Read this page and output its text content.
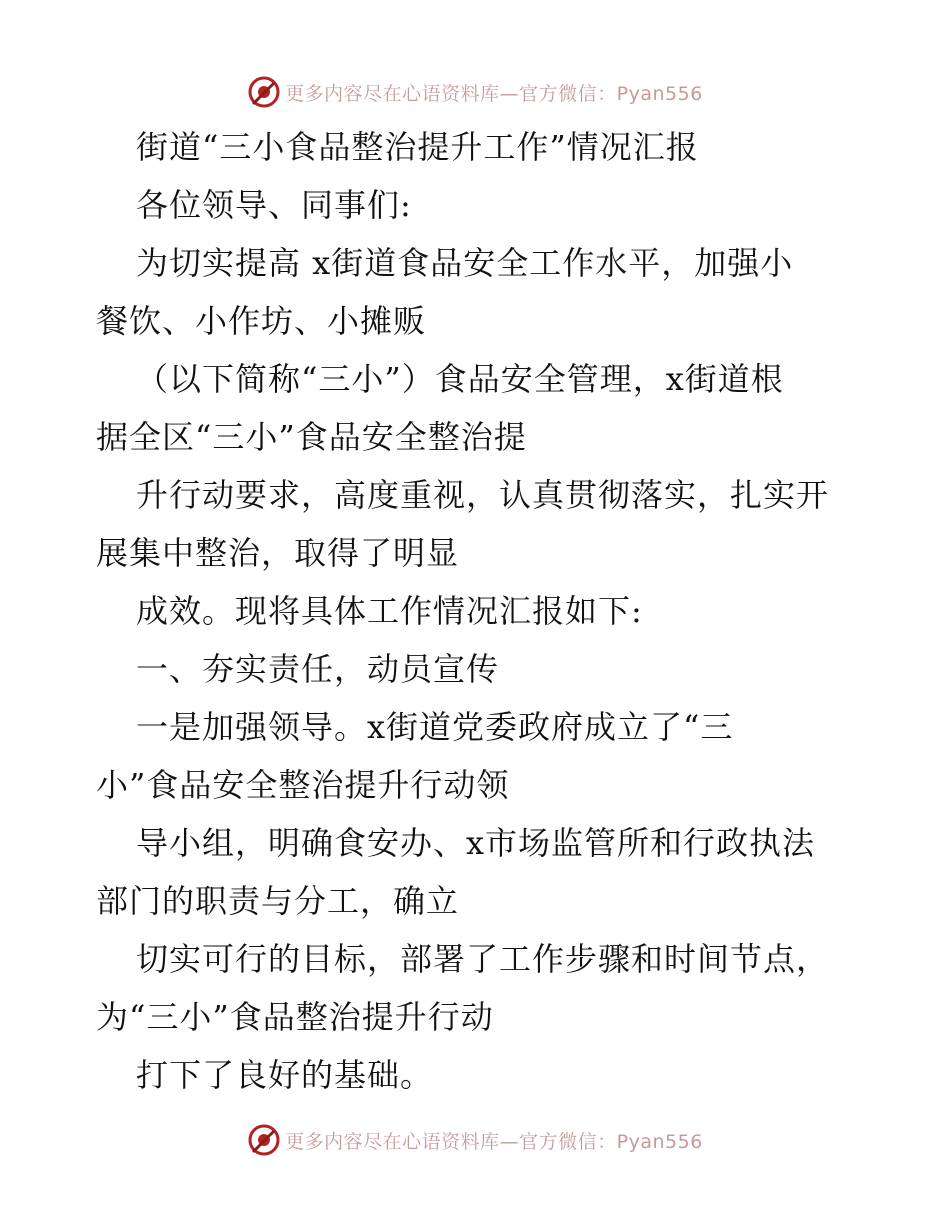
更多内容尽在心语资料库—官方微信：Pyan556
街道“三小食品整治提升工作”情况汇报
各位领导、同事们:
为切实提高 x街道食品安全工作水平，加强小
餐饮、小作坊、小摊贩
（以下简称“三小”）食品安全管理，x街道根
据全区“三小”食品安全整治提
升行动要求，高度重视，认真贯彻落实，扎实开
展集中整治，取得了明显
成效。现将具体工作情况汇报如下:
一、夯实责任，动员宣传
一是加强领导。x街道党委政府成立了“三
小”食品安全整治提升行动领
导小组，明确食安办、x市场监管所和行政执法
部门的职责与分工，确立
切实可行的目标，部署了工作步骤和时间节点，
为“三小”食品整治提升行动
打下了良好的基础。
更多内容尽在心语资料库—官方微信：Pyan556
